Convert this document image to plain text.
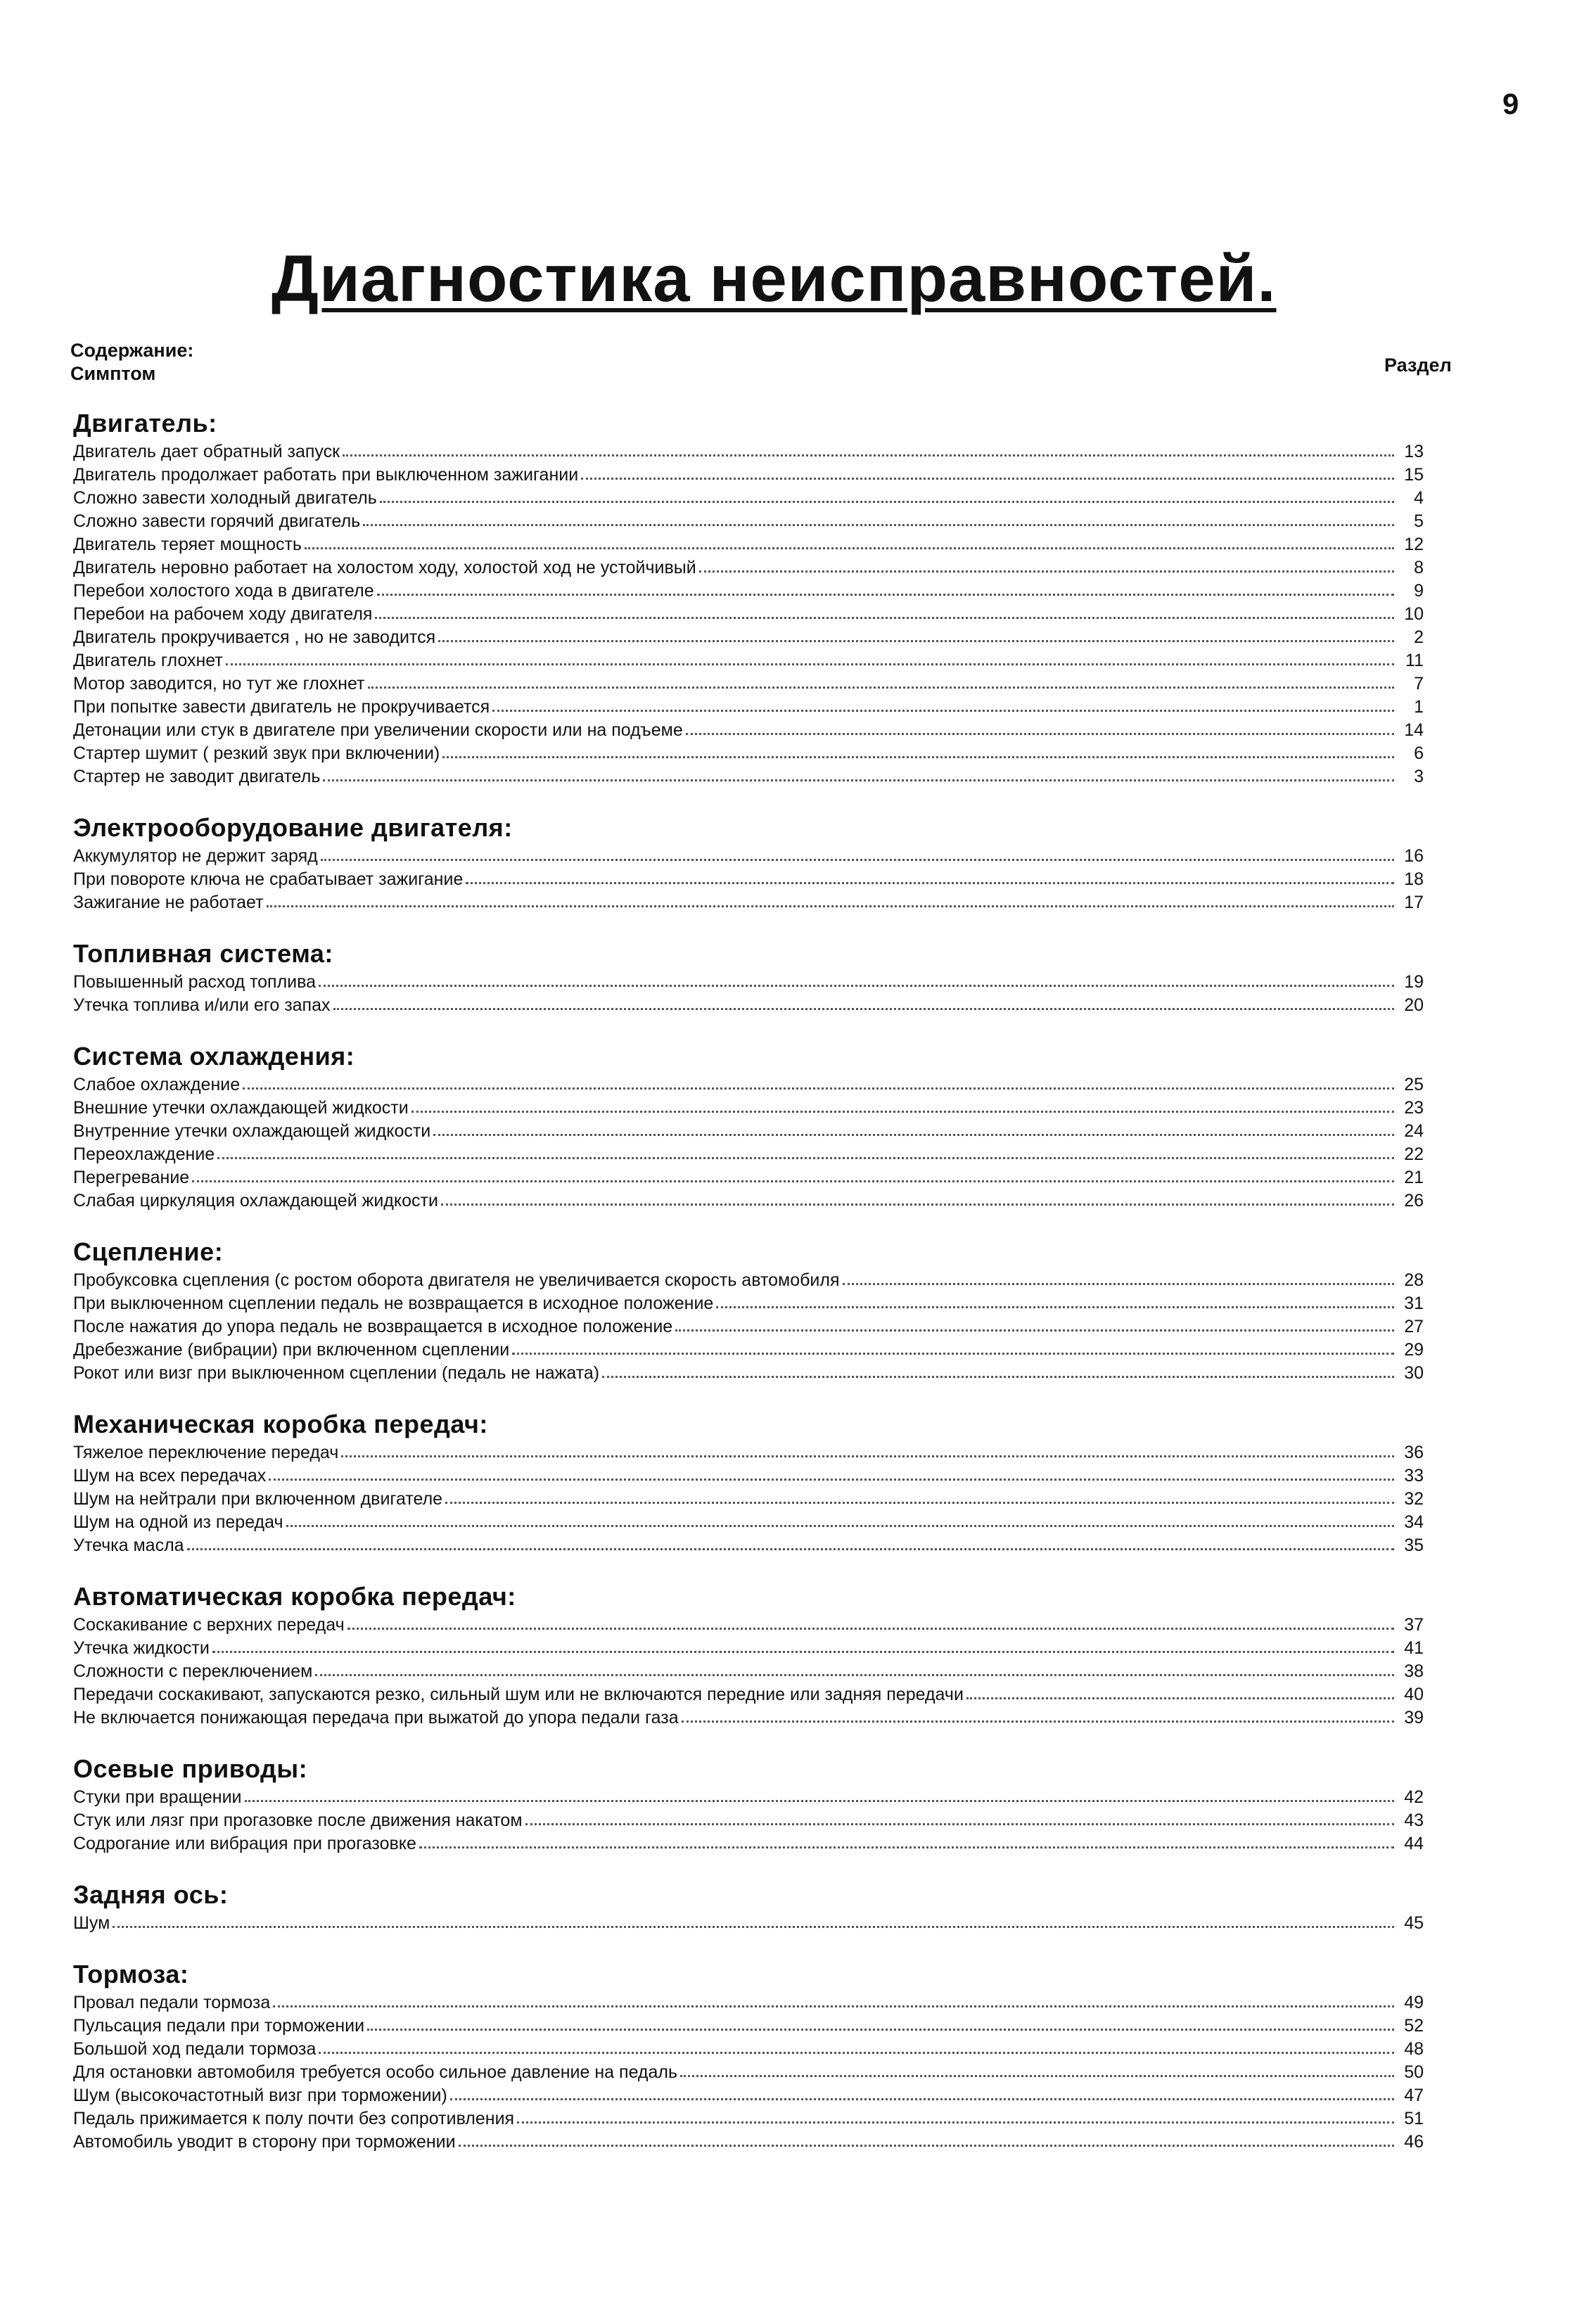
9
Диагностика неисправностей.
Содержание:
Симптом	Раздел
Двигатель:
Двигатель дает обратный запуск	13
Двигатель продолжает работать при выключенном зажигании	15
Сложно завести холодный двигатель	4
Сложно завести горячий двигатель	5
Двигатель теряет мощность	12
Двигатель неровно работает на холостом ходу, холостой ход не устойчивый	8
Перебои холостого хода в двигателе	9
Перебои на рабочем ходу двигателя	10
Двигатель прокручивается , но не заводится	2
Двигатель глохнет	11
Мотор заводится, но тут же глохнет	7
При попытке завести двигатель не прокручивается	1
Детонации или стук в двигателе при увеличении скорости или на подъеме	14
Стартер шумит ( резкий звук при включении)	6
Стартер не заводит двигатель	3
Электрооборудование двигателя:
Аккумулятор не держит заряд	16
При повороте ключа не срабатывает зажигание	18
Зажигание не работает	17
Топливная система:
Повышенный расход топлива	19
Утечка топлива и/или его запах	20
Система охлаждения:
Слабое охлаждение	25
Внешние утечки охлаждающей жидкости	23
Внутренние утечки охлаждающей жидкости	24
Переохлаждение	22
Перегревание	21
Слабая циркуляция охлаждающей жидкости	26
Сцепление:
Пробуксовка сцепления (с ростом оборота двигателя не увеличивается скорость автомобиля	28
При выключенном сцеплении педаль не возвращается в исходное положение	31
После нажатия до упора педаль не возвращается в исходное положение	27
Дребезжание (вибрации) при включенном сцеплении	29
Рокот или визг при выключенном сцеплении (педаль не нажата)	30
Механическая коробка передач:
Тяжелое переключение передач	36
Шум на всех передачах	33
Шум на нейтрали при включенном двигателе	32
Шум на одной из передач	34
Утечка масла	35
Автоматическая коробка передач:
Соскакивание с верхних передач	37
Утечка жидкости	41
Сложности с переключением	38
Передачи соскакивают, запускаются резко, сильный шум или не включаются передние или задняя передачи	40
Не включается понижающая передача при выжатой до упора педали газа	39
Осевые приводы:
Стуки при вращении	42
Стук или лязг при прогазовке после движения накатом	43
Содрогание или вибрация при прогазовке	44
Задняя ось:
Шум	45
Тормоза:
Провал педали тормоза	49
Пульсация педали при торможении	52
Большой ход педали тормоза	48
Для остановки автомобиля требуется особо сильное давление на педаль	50
Шум (высокочастотный визг при торможении)	47
Педаль прижимается к полу почти без сопротивления	51
Автомобиль уводит в сторону при торможении	46
